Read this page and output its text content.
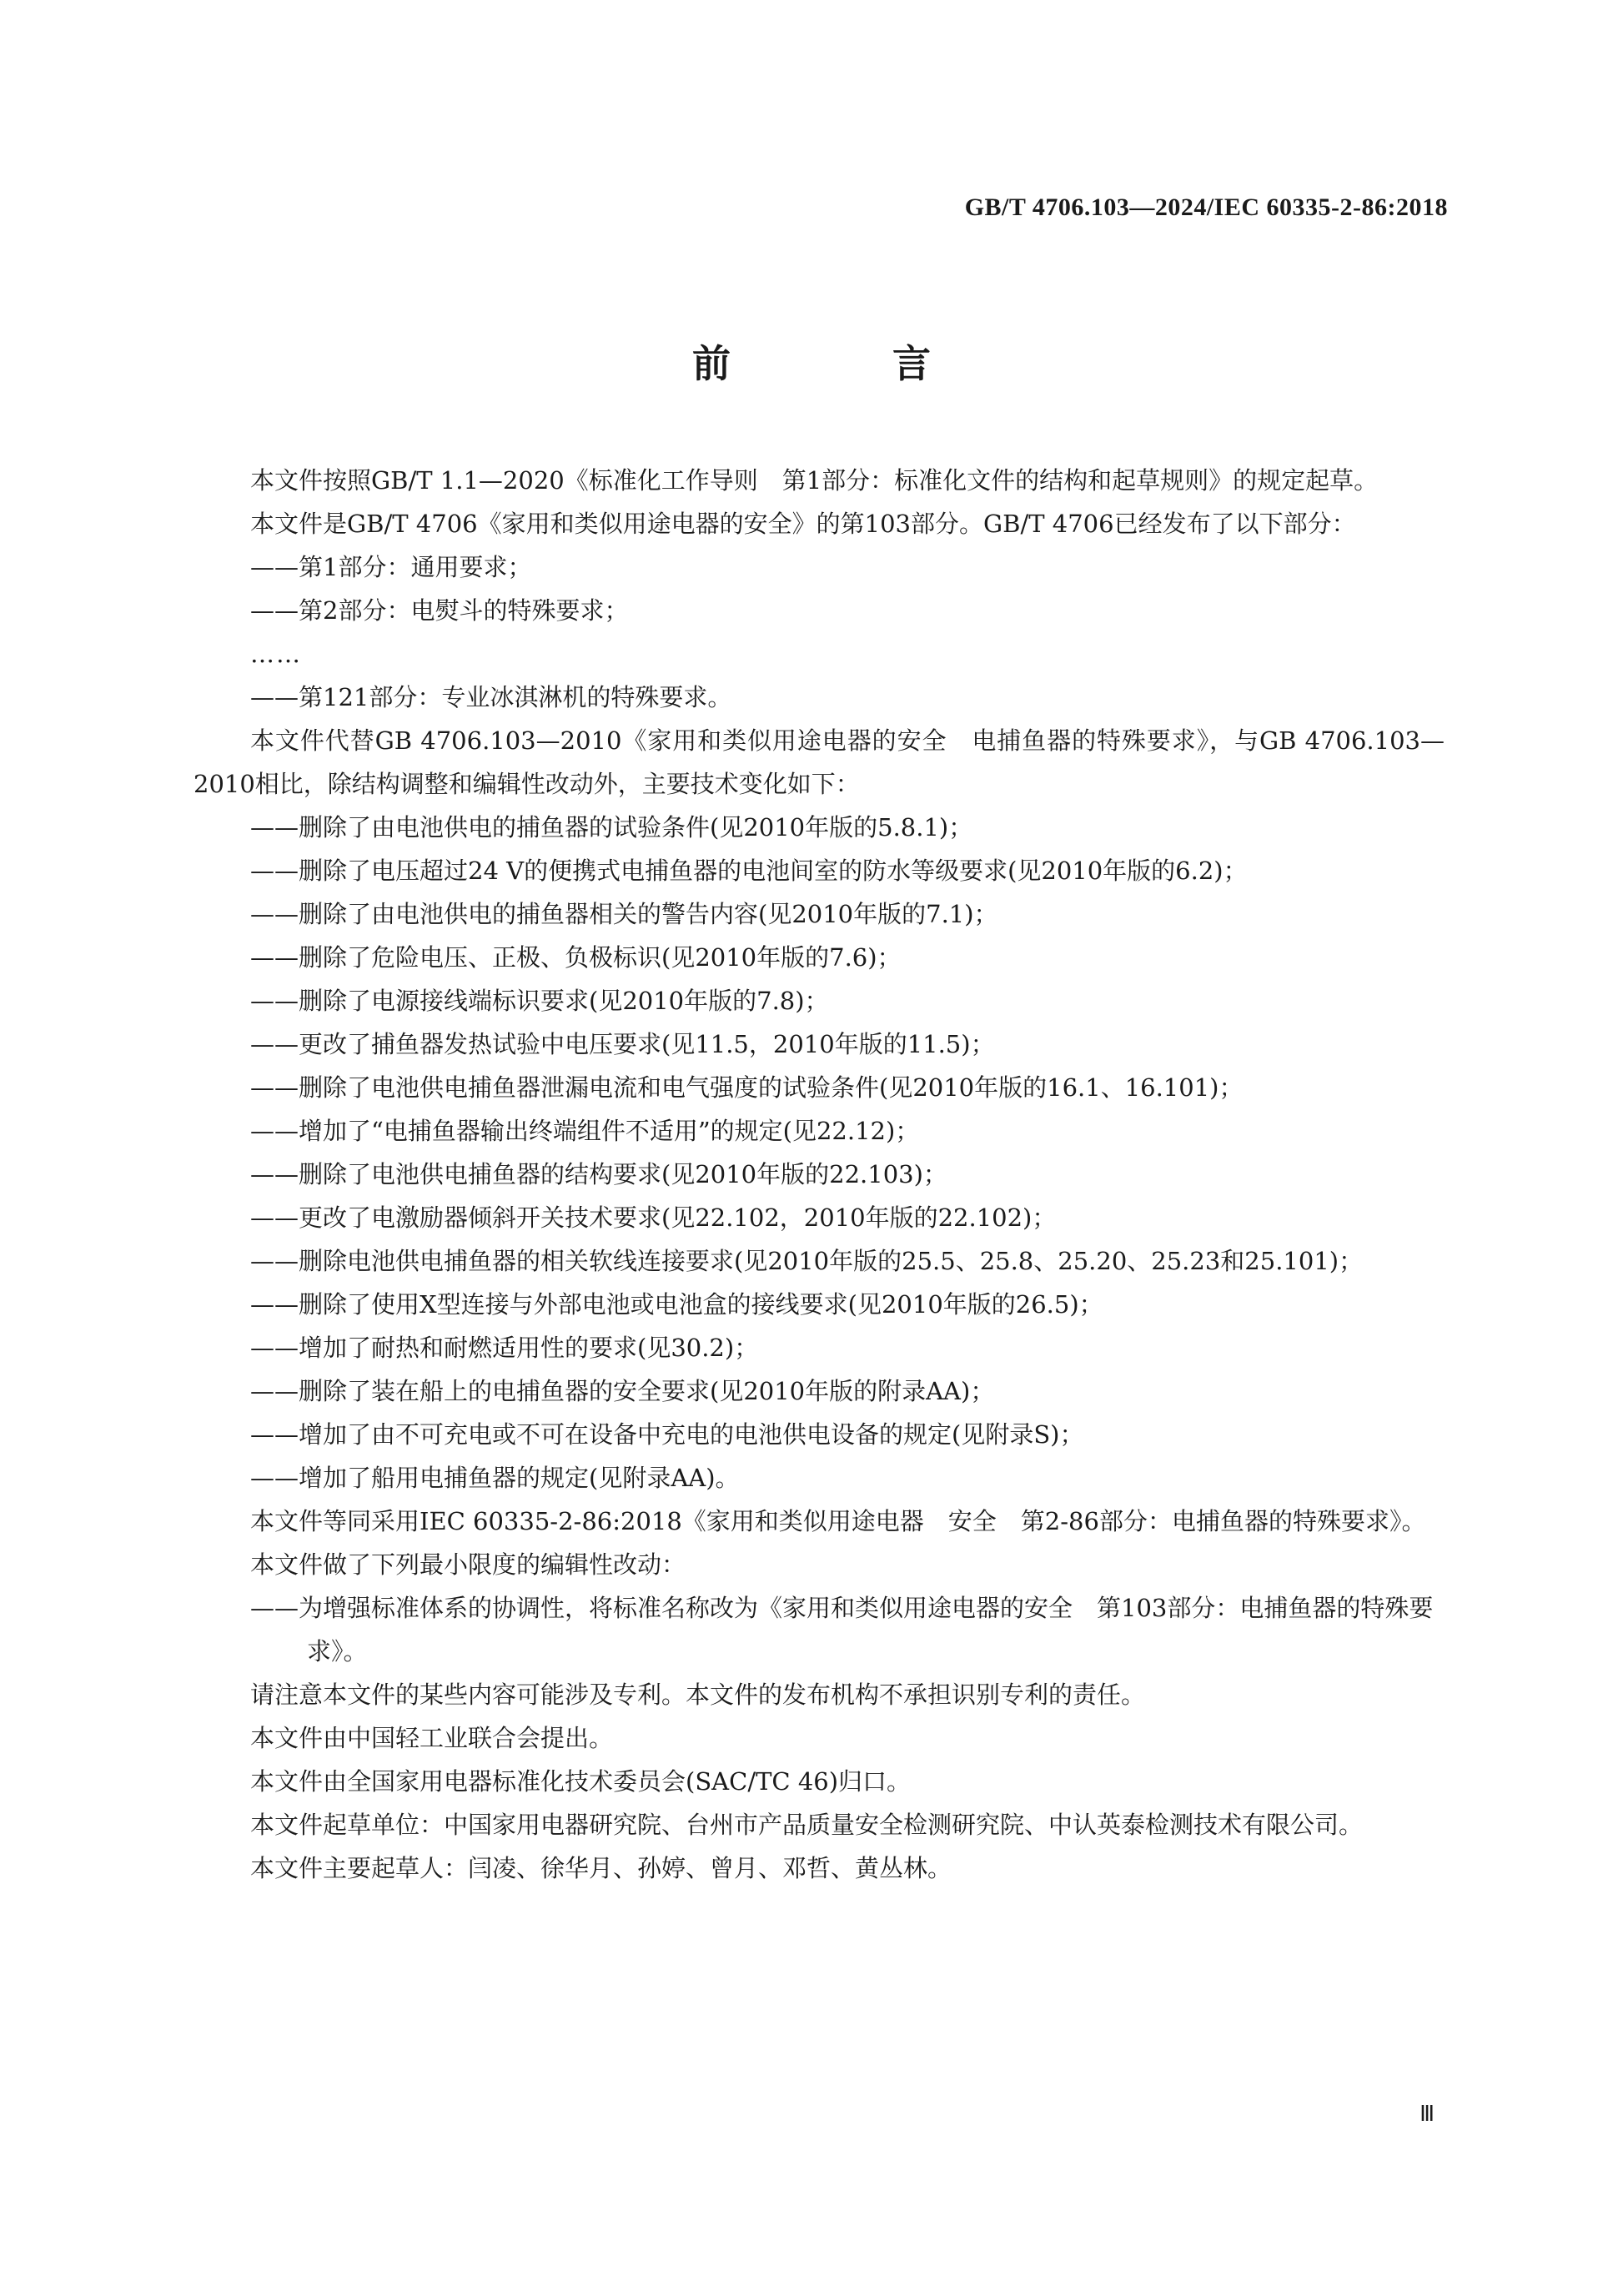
GB/T 4706.103—2024/IEC 60335-2-86:2018
前　言

本文件按照GB/T 1.1—2020《标准化工作导则　第1部分：标准化文件的结构和起草规则》的规定起草。

本文件是GB/T 4706《家用和类似用途电器的安全》的第103部分。GB/T 4706已经发布了以下部分：

——第1部分：通用要求；

——第2部分：电熨斗的特殊要求；

……

——第121部分：专业冰淇淋机的特殊要求。

本文件代替GB 4706.103—2010《家用和类似用途电器的安全　电捕鱼器的特殊要求》，与GB 4706.103—2010相比，除结构调整和编辑性改动外，主要技术变化如下：

——删除了由电池供电的捕鱼器的试验条件(见2010年版的5.8.1)；

——删除了电压超过24 V的便携式电捕鱼器的电池间室的防水等级要求(见2010年版的6.2)；

——删除了由电池供电的捕鱼器相关的警告内容(见2010年版的7.1)；

——删除了危险电压、正极、负极标识(见2010年版的7.6)；

——删除了电源接线端标识要求(见2010年版的7.8)；

——更改了捕鱼器发热试验中电压要求(见11.5，2010年版的11.5)；

——删除了电池供电捕鱼器泄漏电流和电气强度的试验条件(见2010年版的16.1、16.101)；

——增加了“电捕鱼器输出终端组件不适用”的规定(见22.12)；

——删除了电池供电捕鱼器的结构要求(见2010年版的22.103)；

——更改了电激励器倾斜开关技术要求(见22.102，2010年版的22.102)；

——删除电池供电捕鱼器的相关软线连接要求(见2010年版的25.5、25.8、25.20、25.23和25.101)；

——删除了使用X型连接与外部电池或电池盒的接线要求(见2010年版的26.5)；

——增加了耐热和耐燃适用性的要求(见30.2)；

——删除了装在船上的电捕鱼器的安全要求(见2010年版的附录AA)；

——增加了由不可充电或不可在设备中充电的电池供电设备的规定(见附录S)；

——增加了船用电捕鱼器的规定(见附录AA)。

本文件等同采用IEC 60335-2-86:2018《家用和类似用途电器　安全　第2-86部分：电捕鱼器的特殊要求》。

本文件做了下列最小限度的编辑性改动：

——为增强标准体系的协调性，将标准名称改为《家用和类似用途电器的安全　第103部分：电捕鱼器的特殊要求》。

请注意本文件的某些内容可能涉及专利。本文件的发布机构不承担识别专利的责任。

本文件由中国轻工业联合会提出。

本文件由全国家用电器标准化技术委员会(SAC/TC 46)归口。

本文件起草单位：中国家用电器研究院、台州市产品质量安全检测研究院、中认英泰检测技术有限公司。

本文件主要起草人：闫凌、徐华月、孙婷、曾月、邓哲、黄丛林。

Ⅲ
